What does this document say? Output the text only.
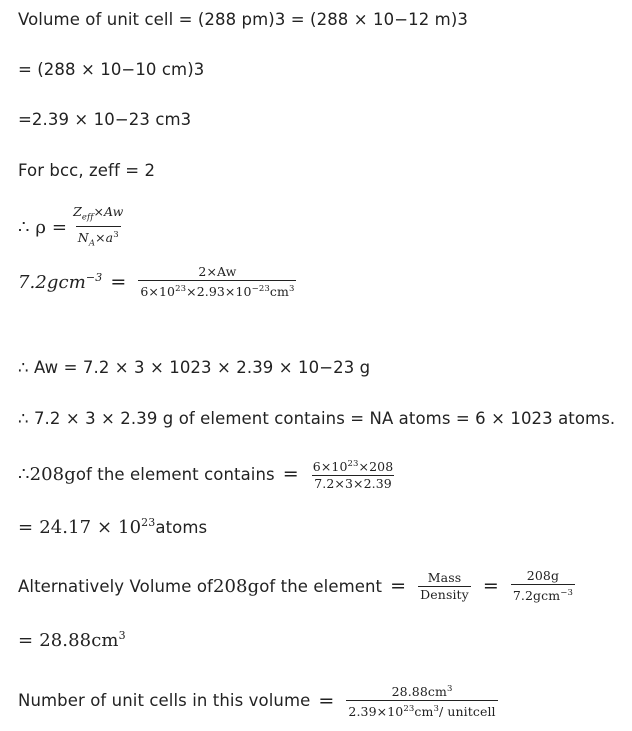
Volume of unit cell = (288 pm)3 = (288 × 10−12 m)3
= (288 × 10−10 cm)3
=2.39 × 10−23 cm3
For bcc, zeff = 2
∴ $\rho = \frac{Z_{eff}\times Aw}{N_A\times a^3}$
$7.2gcm^{-3} = \frac{2\times Aw}{6\times 10^{23}\times 2.93\times 10^{-23}cm^3}$
∴ Aw = 7.2 × 3 × 1023 × 2.39 × 10−23 g
∴ 7.2 × 3 × 2.39 g of element contains = NA atoms = 6 × 1023 atoms.
∴ 208g of the element contains = $\frac{6\times 10^{23}\times 208}{7.2\times 3\times 2.39}$
= $24.17 \times 10^{23}$ atoms
Alternatively Volume of 208g of the element = $\frac{\text{Mass}}{\text{Density}} = \frac{208g}{7.2gcm^{-3}}$
= $28.88cm^3$
Number of unit cells in this volume = $\frac{28.88cm^3}{2.39\times 10^{23}cm^3/ unitcell}$
